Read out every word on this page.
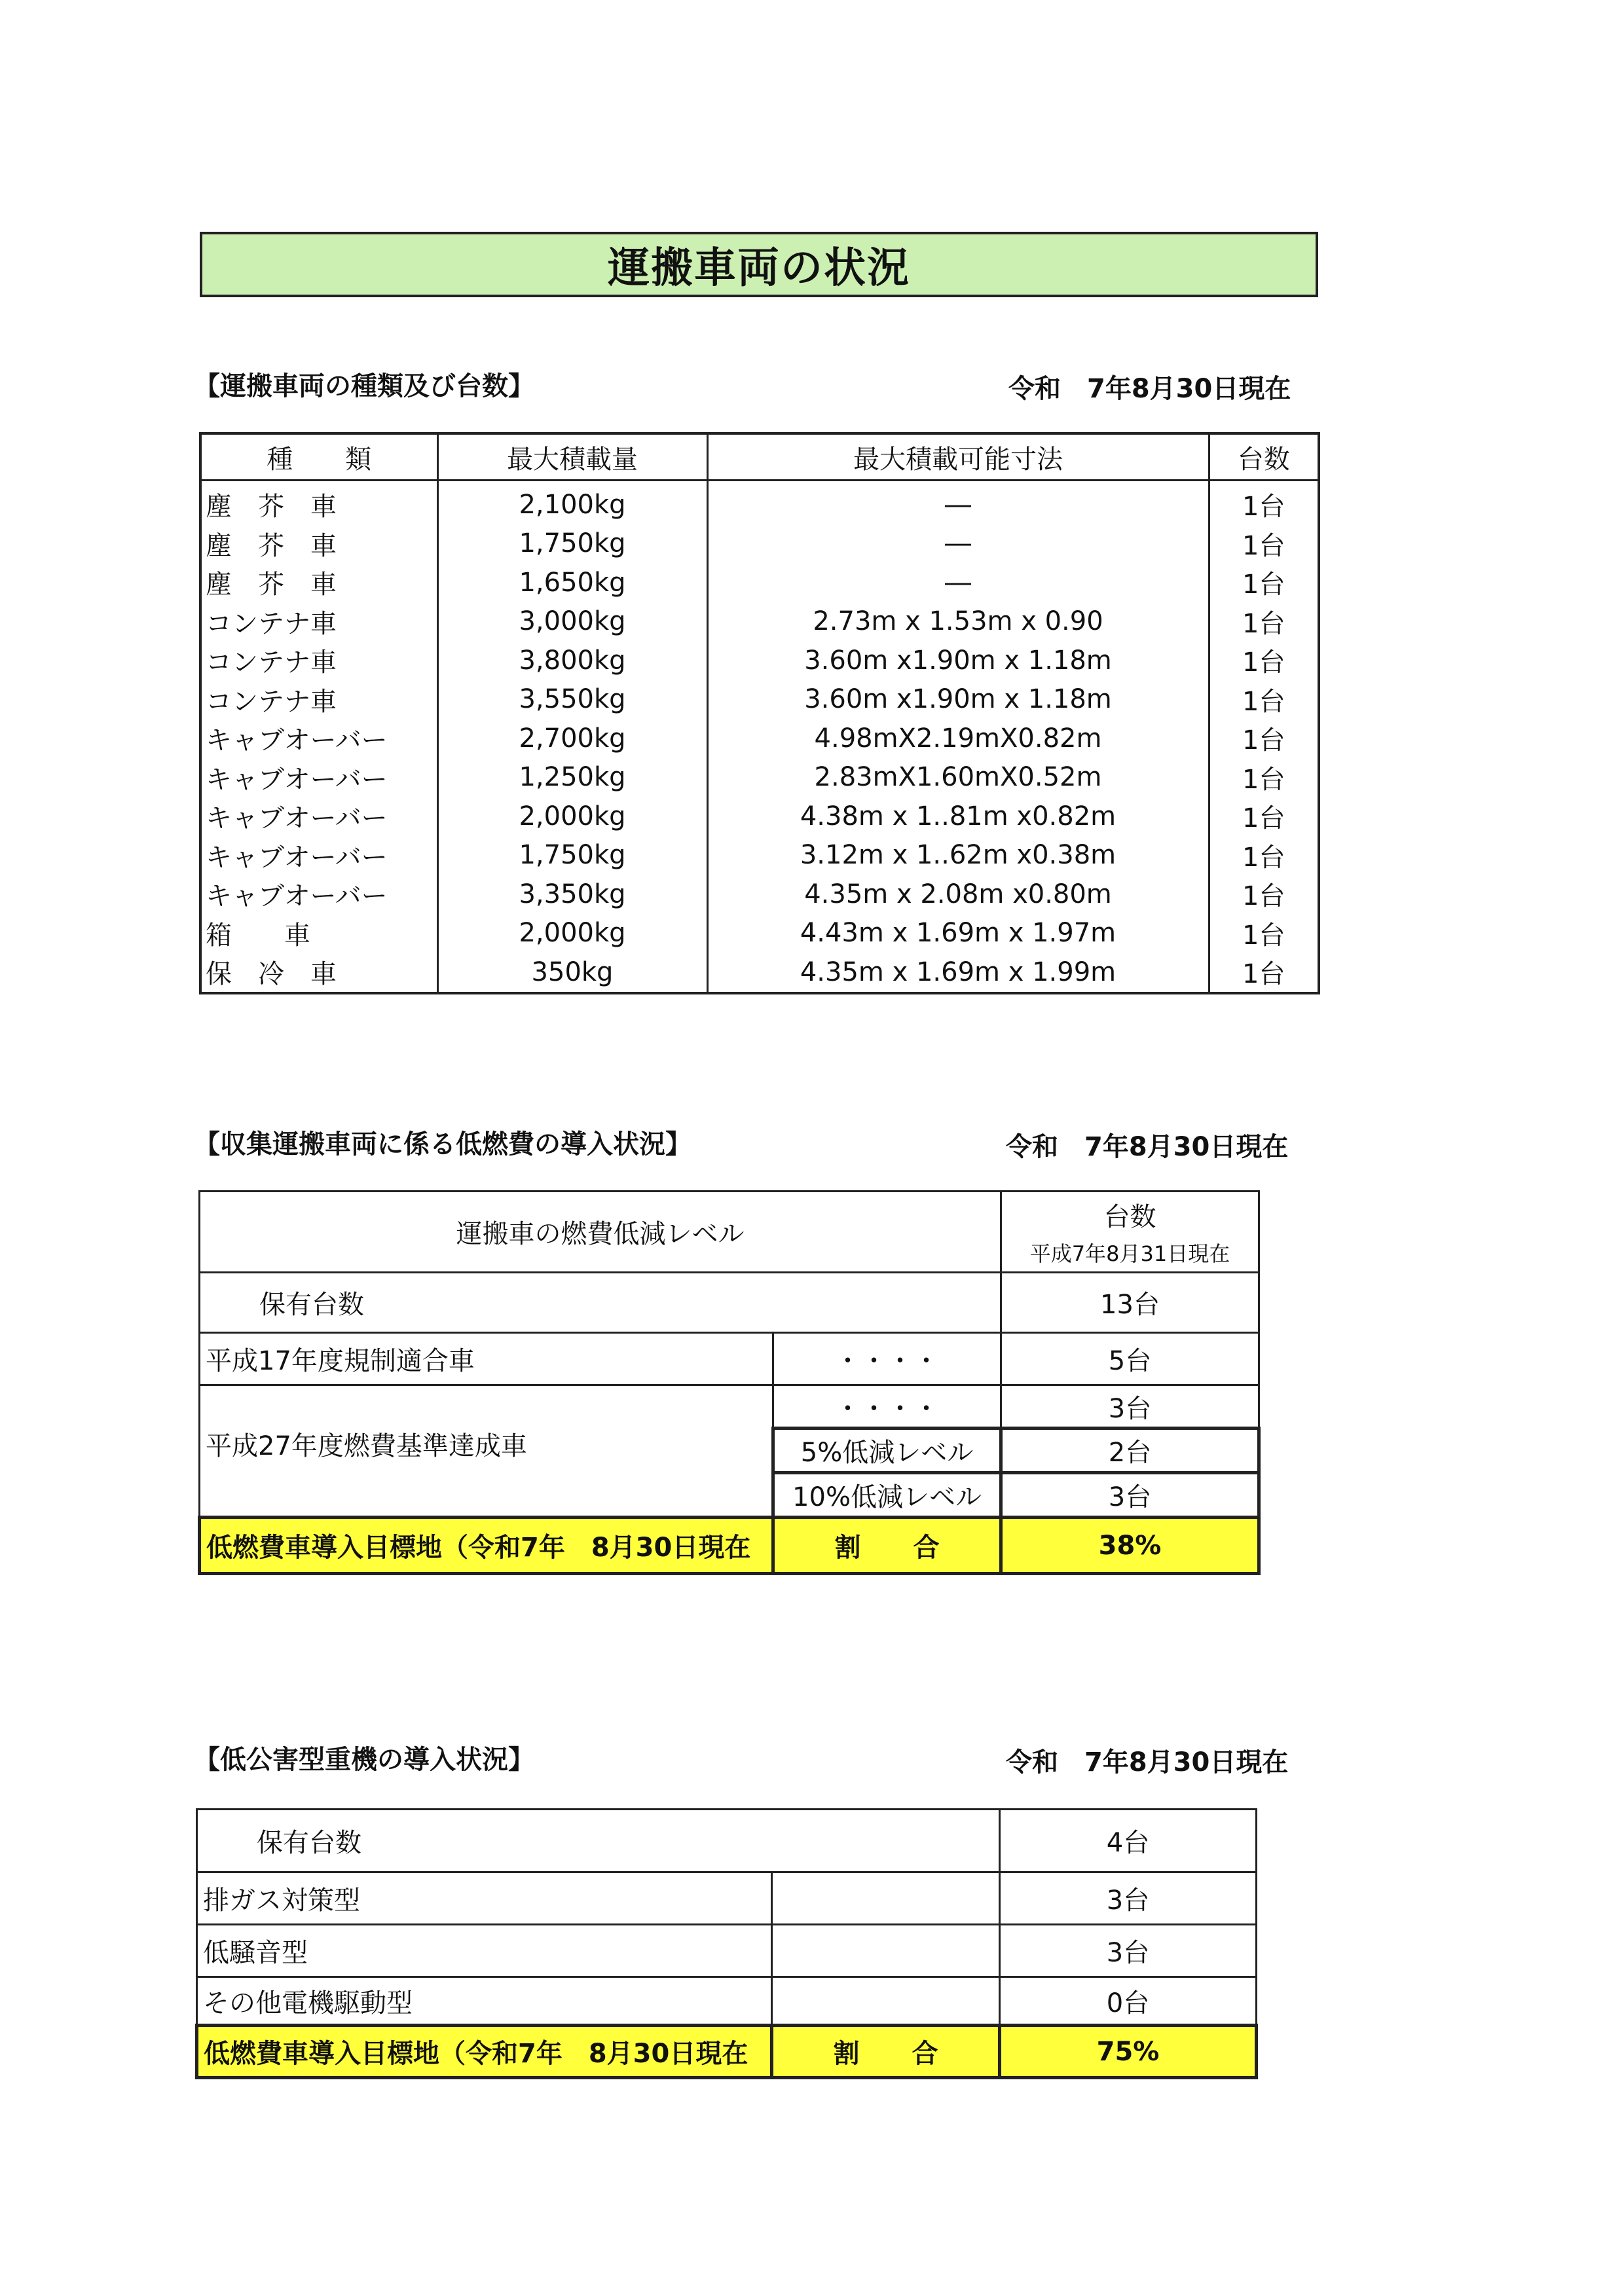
運搬車両の状況
【運搬車両の種類及び台数】	令和　7年8月30日現在
種　　類	最大積載量	最大積載可能寸法	台数
塵　芥　車	2,100kg	―	1台
塵　芥　車	1,750kg	―	1台
塵　芥　車	1,650kg	―	1台
コンテナ車	3,000kg	2.73m x 1.53m x 0.90	1台
コンテナ車	3,800kg	3.60m x1.90m x 1.18m	1台
コンテナ車	3,550kg	3.60m x1.90m x 1.18m	1台
キャブオーバー	2,700kg	4.98mX2.19mX0.82m	1台
キャブオーバー	1,250kg	2.83mX1.60mX0.52m	1台
キャブオーバー	2,000kg	4.38m x 1..81m x0.82m	1台
キャブオーバー	1,750kg	3.12m x 1..62m x0.38m	1台
キャブオーバー	3,350kg	4.35m x 2.08m x0.80m	1台
箱　　車	2,000kg	4.43m x 1.69m x 1.97m	1台
保　冷　車	350kg	4.35m x 1.69m x 1.99m	1台
【収集運搬車両に係る低燃費の導入状況】	令和　7年8月30日現在
運搬車の燃費低減レベル		台数
平成7年8月31日現在

保有台数		13台
平成17年度規制適合車	・・・・	5台
平成27年度燃費基準達成車	・・・・	3台
	5%低減レベル	2台
	10%低減レベル	3台
低燃費車導入目標地（令和7年　8月30日現在	割　　合	38%
【低公害型重機の導入状況】	令和　7年8月30日現在
保有台数		4台
排ガス対策型		3台
低騒音型		3台
その他電機駆動型		0台
低燃費車導入目標地（令和7年　8月30日現在	割　　合	75%
